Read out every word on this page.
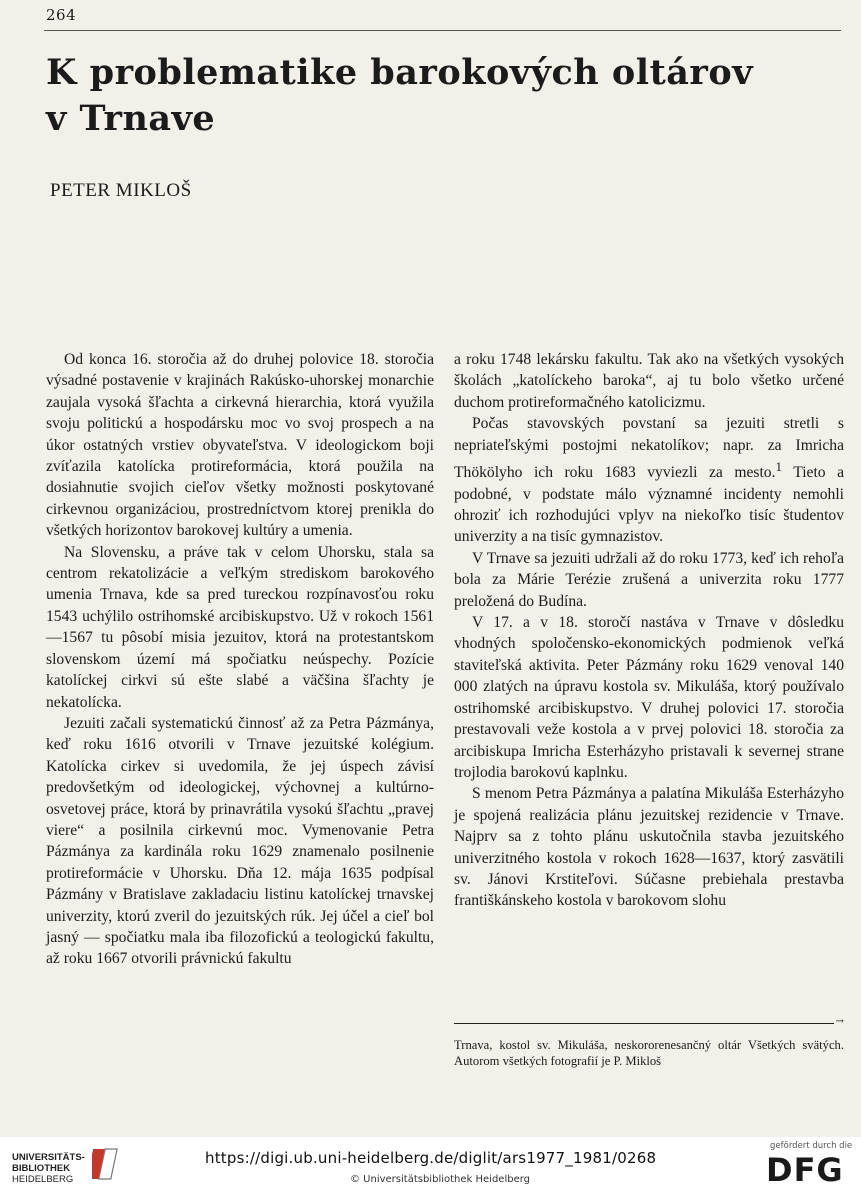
264
K problematike barokových oltárov
v Trnave
PETER MIKLOŠ

Od konca 16. storočia až do druhej polovice 18. storočia výsadné postavenie v krajinách Rakúsko-uhorskej monarchie zaujala vysoká šľachta a cirkevná hierarchia, ktorá využila svoju politickú a hospodársku moc vo svoj prospech a na úkor ostatných vrstiev obyvateľstva. V ideologickom boji zvíťazila katolícka protireformácia, ktorá použila na dosiahnutie svojich cieľov všetky možnosti poskytované cirkevnou organizáciou, prostredníctvom ktorej prenikla do všetkých horizontov barokovej kultúry a umenia.

Na Slovensku, a práve tak v celom Uhorsku, stala sa centrom rekatolizácie a veľkým strediskom barokového umenia Trnava, kde sa pred tureckou rozpínavosťou roku 1543 uchýlilo ostrihomské arcibiskupstvo. Už v rokoch 1561—1567 tu pôsobí misia jezuitov, ktorá na protestantskom slovenskom území má spočiatku neúspechy. Pozície katolíckej cirkvi sú ešte slabé a väčšina šľachty je nekatolícka.

Jezuiti začali systematickú činnosť až za Petra Pázmánya, keď roku 1616 otvorili v Trnave jezuitské kolégium. Katolícka cirkev si uvedomila, že jej úspech závisí predovšetkým od ideologickej, výchovnej a kultúrno-osvetovej práce, ktorá by prinavrátila vysokú šľachtu „pravej viere“ a posilnila cirkevnú moc. Vymenovanie Petra Pázmánya za kardinála roku 1629 znamenalo posilnenie protireformácie v Uhorsku. Dňa 12. mája 1635 podpísal Pázmány v Bratislave zakladaciu listinu katolíckej trnavskej univerzity, ktorú zveril do jezuitských rúk. Jej účel a cieľ bol jasný — spočiatku mala iba filozofickú a teologickú fakultu, až roku 1667 otvorili právnickú fakultu

a roku 1748 lekársku fakultu. Tak ako na všetkých vysokých školách „katolíckeho baroka“, aj tu bolo všetko určené duchom protireformačného katolicizmu.

Počas stavovských povstaní sa jezuiti stretli s nepriateľskými postojmi nekatolíkov; napr. za Imricha Thökölyho ich roku 1683 vyviezli za mesto.$^1$ Tieto a podobné, v podstate málo významné incidenty nemohli ohroziť ich rozhodujúci vplyv na niekoľko tisíc študentov univerzity a na tisíc gymnazistov.

V Trnave sa jezuiti udržali až do roku 1773, keď ich rehoľa bola za Márie Terézie zrušená a univerzita roku 1777 preložená do Budína.

V 17. a v 18. storočí nastáva v Trnave v dôsledku vhodných spoločensko-ekonomických podmienok veľká staviteľská aktivita. Peter Pázmány roku 1629 venoval 140 000 zlatých na úpravu kostola sv. Mikuláša, ktorý používalo ostrihomské arcibiskupstvo. V druhej polovici 17. storočia prestavovali veže kostola a v prvej polovici 18. storočia za arcibiskupa Imricha Esterházyho pristavali k severnej strane trojlodia barokovú kaplnku.

S menom Petra Pázmánya a palatína Mikuláša Esterházyho je spojená realizácia plánu jezuitskej rezidencie v Trnave. Najprv sa z tohto plánu uskutočnila stavba jezuitského univerzitného kostola v rokoch 1628—1637, ktorý zasvätili sv. Jánovi Krstiteľovi. Súčasne prebiehala prestavba františkánskeho kostola v barokovom slohu

→
Trnava, kostol sv. Mikuláša, neskororenesančný oltár Všetkých svätých. Autorom všetkých fotografií je P. Mikloš
UNIVERSITÄTS-
BIBLIOTHEK
HEIDELBERG
https://digi.ub.uni-heidelberg.de/diglit/ars1977_1981/0268
© Universitätsbibliothek Heidelberg
gefördert durch die
DFG
